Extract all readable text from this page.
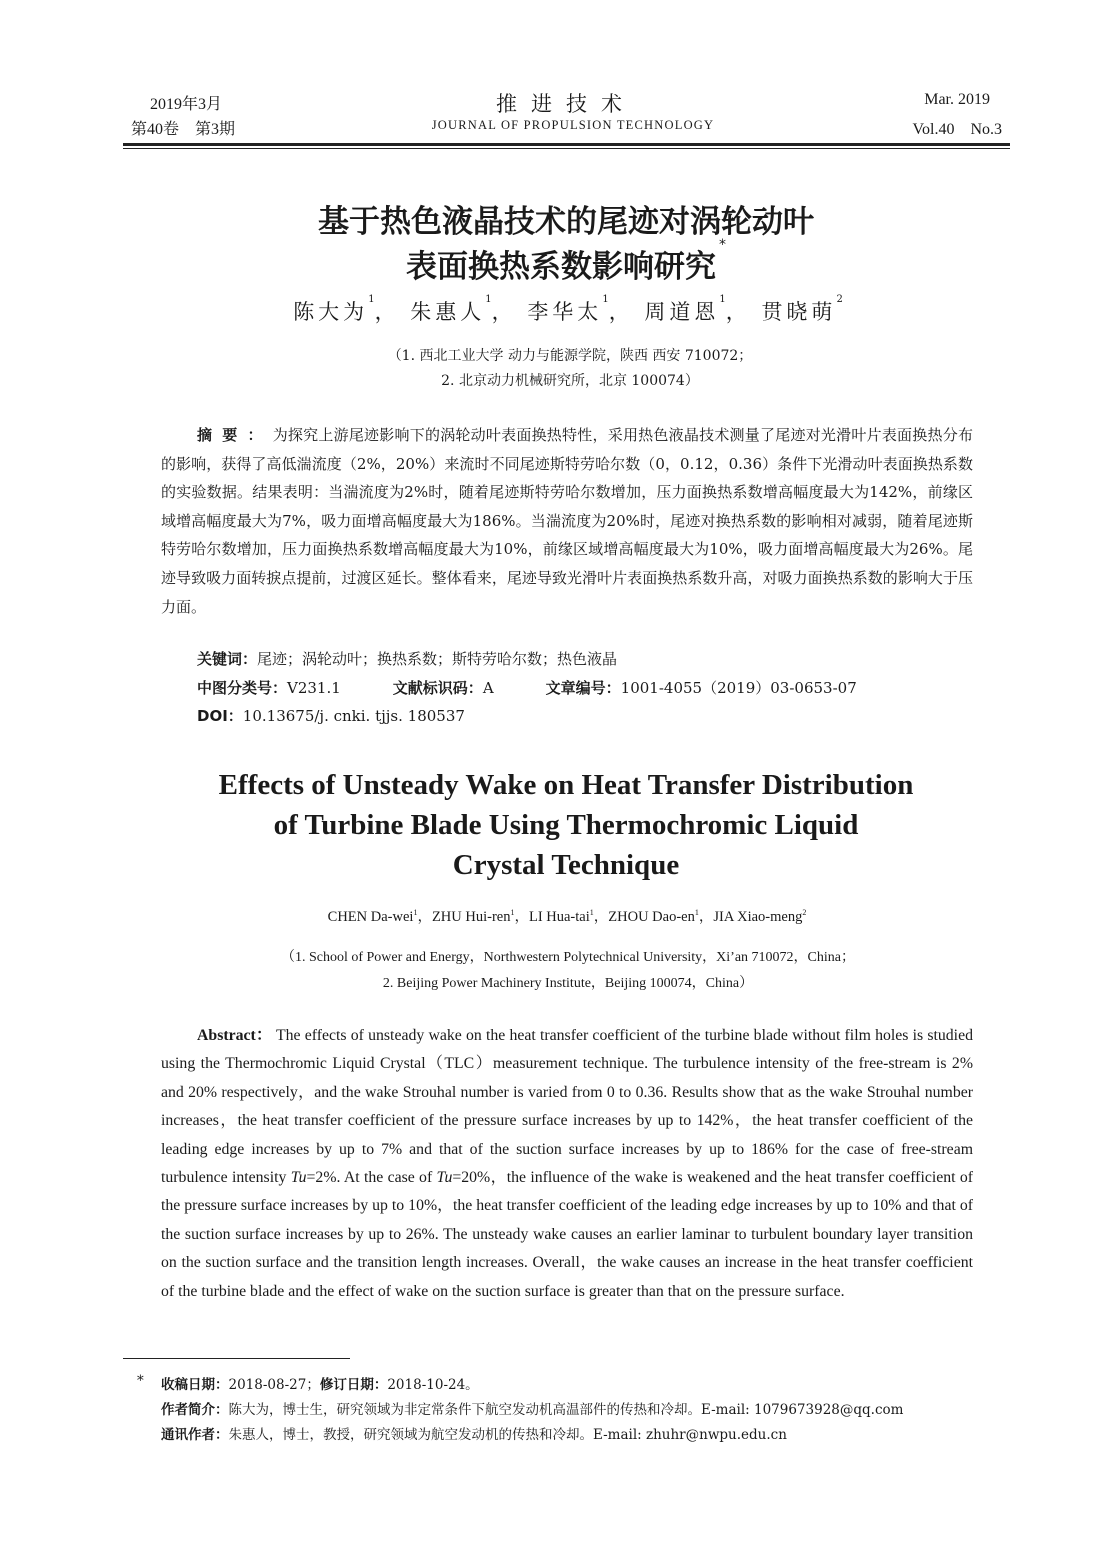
2019年3月
第40卷　第3期
推进技术
JOURNAL OF PROPULSION TECHNOLOGY
Mar. 2019
Vol.40　No.3
基于热色液晶技术的尾迹对涡轮动叶
表面换热系数影响研究*
陈大为$^1$， 朱惠人$^1$， 李华太$^1$， 周道恩$^1$， 贯晓萌$^2$
（1. 西北工业大学 动力与能源学院，陕西 西安 710072；
2. 北京动力机械研究所，北京 100074）
摘要：为探究上游尾迹影响下的涡轮动叶表面换热特性，采用热色液晶技术测量了尾迹对光滑叶片表面换热分布的影响，获得了高低湍流度（2%，20%）来流时不同尾迹斯特劳哈尔数（0，0.12，0.36）条件下光滑动叶表面换热系数的实验数据。结果表明：当湍流度为2%时，随着尾迹斯特劳哈尔数增加，压力面换热系数增高幅度最大为142%，前缘区域增高幅度最大为7%，吸力面增高幅度最大为186%。当湍流度为20%时，尾迹对换热系数的影响相对减弱，随着尾迹斯特劳哈尔数增加，压力面换热系数增高幅度最大为10%，前缘区域增高幅度最大为10%，吸力面增高幅度最大为26%。尾迹导致吸力面转捩点提前，过渡区延长。整体看来，尾迹导致光滑叶片表面换热系数升高，对吸力面换热系数的影响大于压力面。
关键词：尾迹；涡轮动叶；换热系数；斯特劳哈尔数；热色液晶
中图分类号：V231.1	文献标识码：A	文章编号：1001-4055（2019）03-0653-07
DOI：10.13675/j. cnki. tjjs. 180537
Effects of Unsteady Wake on Heat Transfer Distribution
of Turbine Blade Using Thermochromic Liquid
Crystal Technique
CHEN Da-wei$^1$，ZHU Hui-ren$^1$，LI Hua-tai$^1$，ZHOU Dao-$en^1$，JIA Xiao-meng$^2$
（1. School of Power and Energy，Northwestern Polytechnical University，Xi’an 710072，China；
2. Beijing Power Machinery Institute，Beijing 100074，China）
Abstract： The effects of unsteady wake on the heat transfer coefficient of the turbine blade without film holes is studied using the Thermochromic Liquid Crystal（TLC）measurement technique. The turbulence intensity of the free-stream is 2% and 20% respectively，and the wake Strouhal number is varied from 0 to 0.36. Results show that as the wake Strouhal number increases，the heat transfer coefficient of the pressure surface increases by up to 142%，the heat transfer coefficient of the leading edge increases by up to 7% and that of the suction surface increases by up to 186% for the case of free-stream turbulence intensity Tu=2%. At the case of Tu=20%，the influence of the wake is weakened and the heat transfer coefficient of the pressure surface increases by up to 10%，the heat transfer coefficient of the leading edge increases by up to 10% and that of the suction surface increases by up to 26%. The unsteady wake causes an earlier laminar to turbulent boundary layer transition on the suction surface and the transition length increases. Overall，the wake causes an increase in the heat transfer coefficient of the turbine blade and the effect of wake on the suction surface is greater than that on the pressure surface.
* 收稿日期：2018-08-27；修订日期：2018-10-24。
作者简介：陈大为，博士生，研究领域为非定常条件下航空发动机高温部件的传热和冷却。E-mail: 1079673928@qq.com
通讯作者：朱惠人，博士，教授，研究领域为航空发动机的传热和冷却。E-mail: zhuhr@nwpu.edu.cn
